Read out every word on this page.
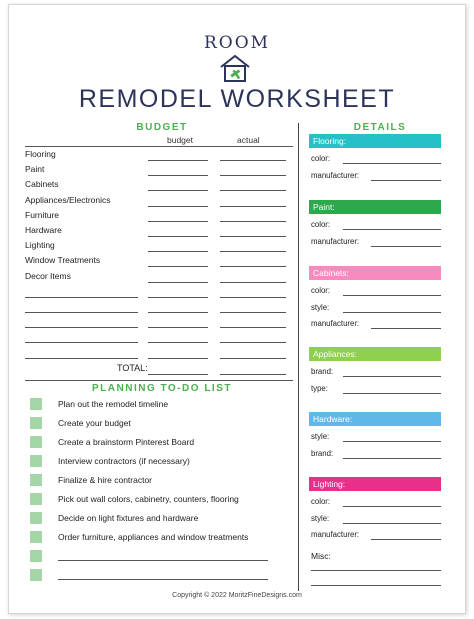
ROOM
REMODEL WORKSHEET
BUDGET
budget	actual
TOTAL:
PLANNING TO-DO LIST
DETAILS
Misc:
Copyright © 2022 MoritzFineDesigns.com
Flooring
Paint
Cabinets
Appliances/Electronics
Furniture
Hardware
Lighting
Window Treatments
Decor Items
Plan out the remodel timeline
Create your budget
Create a brainstorm Pinterest Board
Interview contractors (if necessary)
Finalize & hire contractor
Pick out wall colors, cabinetry, counters, flooring
Decide on light fixtures and hardware
Order furniture, appliances and window treatments
Flooring:
color:
manufacturer:
Paint:
color:
manufacturer:
Cabinets:
color:
style:
manufacturer:
Appliances:
brand:
type:
Hardware:
style:
brand:
Lighting:
color:
style:
manufacturer:
